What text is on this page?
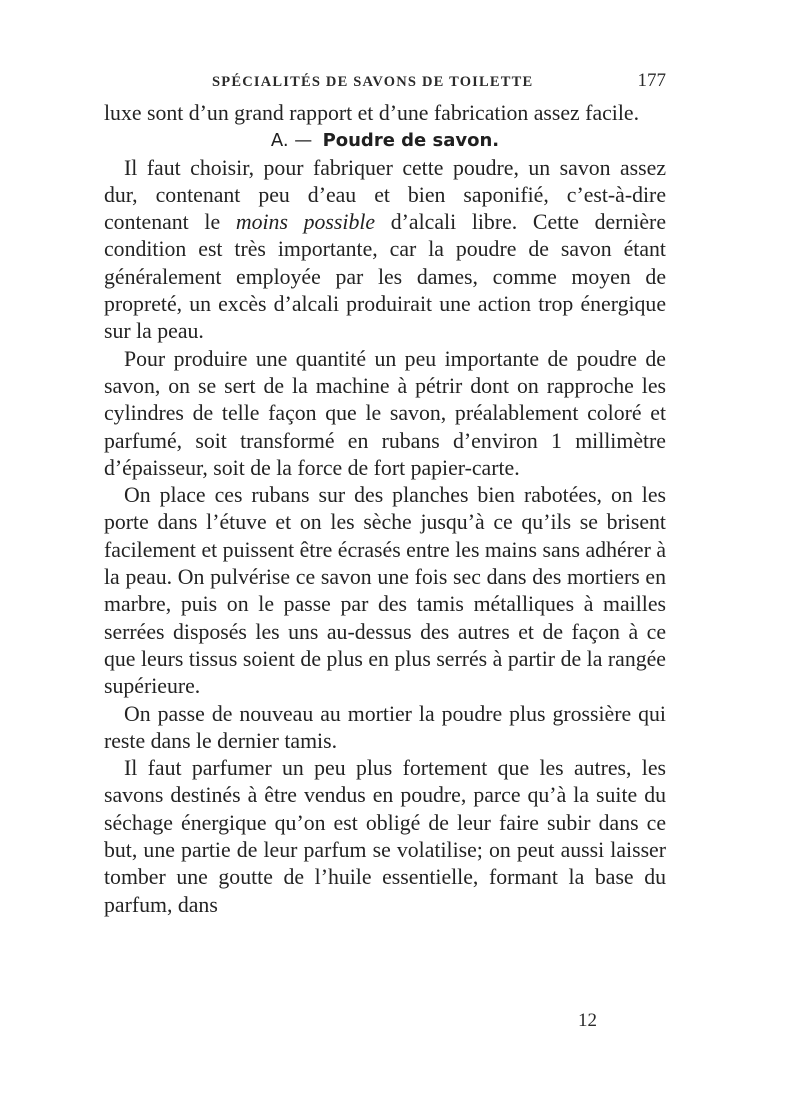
SPÉCIALITÉS DE SAVONS DE TOILETTE	177

luxe sont d’un grand rapport et d’une fabrication assez facile.

A. — Poudre de savon.

Il faut choisir, pour fabriquer cette poudre, un savon assez dur, contenant peu d’eau et bien saponifié, c’est-à-dire contenant le moins possible d’alcali libre. Cette dernière condition est très importante, car la poudre de savon étant généralement employée par les dames, comme moyen de propreté, un excès d’alcali produirait une action trop énergique sur la peau.

Pour produire une quantité un peu importante de poudre de savon, on se sert de la machine à pétrir dont on rapproche les cylindres de telle façon que le savon, préalablement coloré et parfumé, soit transformé en rubans d’environ 1 millimètre d’épaisseur, soit de la force de fort papier-carte.

On place ces rubans sur des planches bien rabotées, on les porte dans l’étuve et on les sèche jusqu’à ce qu’ils se brisent facilement et puissent être écrasés entre les mains sans adhérer à la peau. On pulvérise ce savon une fois sec dans des mortiers en marbre, puis on le passe par des tamis métalliques à mailles serrées disposés les uns au-dessus des autres et de façon à ce que leurs tissus soient de plus en plus serrés à partir de la rangée supérieure.

On passe de nouveau au mortier la poudre plus grossière qui reste dans le dernier tamis.

Il faut parfumer un peu plus fortement que les autres, les savons destinés à être vendus en poudre, parce qu’à la suite du séchage énergique qu’on est obligé de leur faire subir dans ce but, une partie de leur parfum se volatilise; on peut aussi laisser tomber une goutte de l’huile essentielle, formant la base du parfum, dans

12
